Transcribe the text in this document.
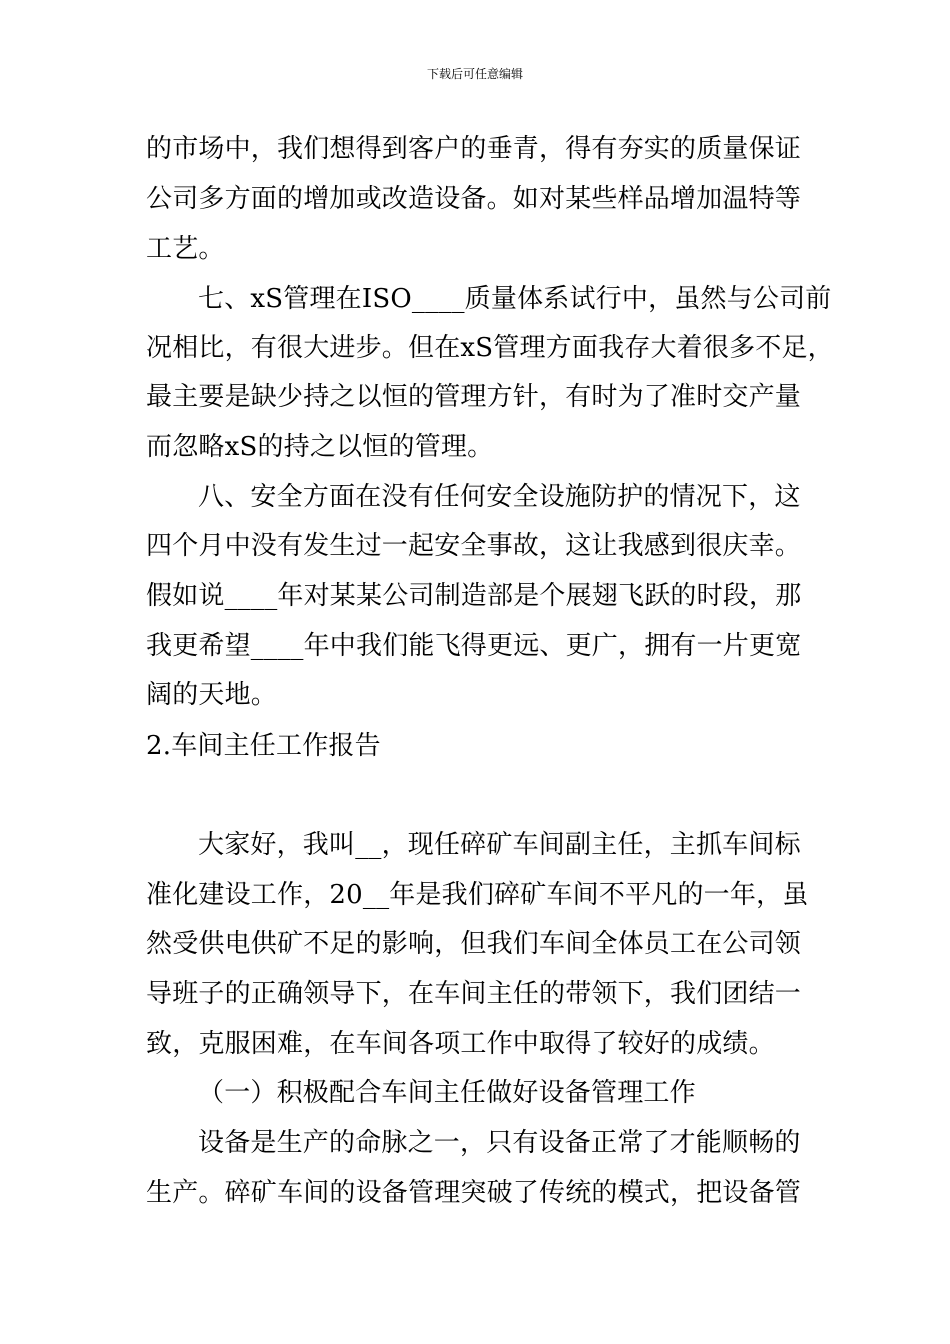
下载后可任意编辑
的市场中，我们想得到客户的垂青，得有夯实的质量保证
公司多方面的增加或改造设备。如对某些样品增加温特等
工艺。
七、xS管理在ISO____质量体系试行中，虽然与公司前
况相比，有很大进步。但在xS管理方面我存大着很多不足，
最主要是缺少持之以恒的管理方针，有时为了准时交产量
而忽略xS的持之以恒的管理。
八、安全方面在没有任何安全设施防护的情况下，这
四个月中没有发生过一起安全事故，这让我感到很庆幸。
假如说____年对某某公司制造部是个展翅飞跃的时段，那
我更希望____年中我们能飞得更远、更广，拥有一片更宽
阔的天地。
2.车间主任工作报告
大家好，我叫__，现任碎矿车间副主任，主抓车间标
准化建设工作，20__年是我们碎矿车间不平凡的一年，虽
然受供电供矿不足的影响，但我们车间全体员工在公司领
导班子的正确领导下，在车间主任的带领下，我们团结一
致，克服困难，在车间各项工作中取得了较好的成绩。
（一）积极配合车间主任做好设备管理工作
设备是生产的命脉之一，只有设备正常了才能顺畅的
生产。碎矿车间的设备管理突破了传统的模式，把设备管
